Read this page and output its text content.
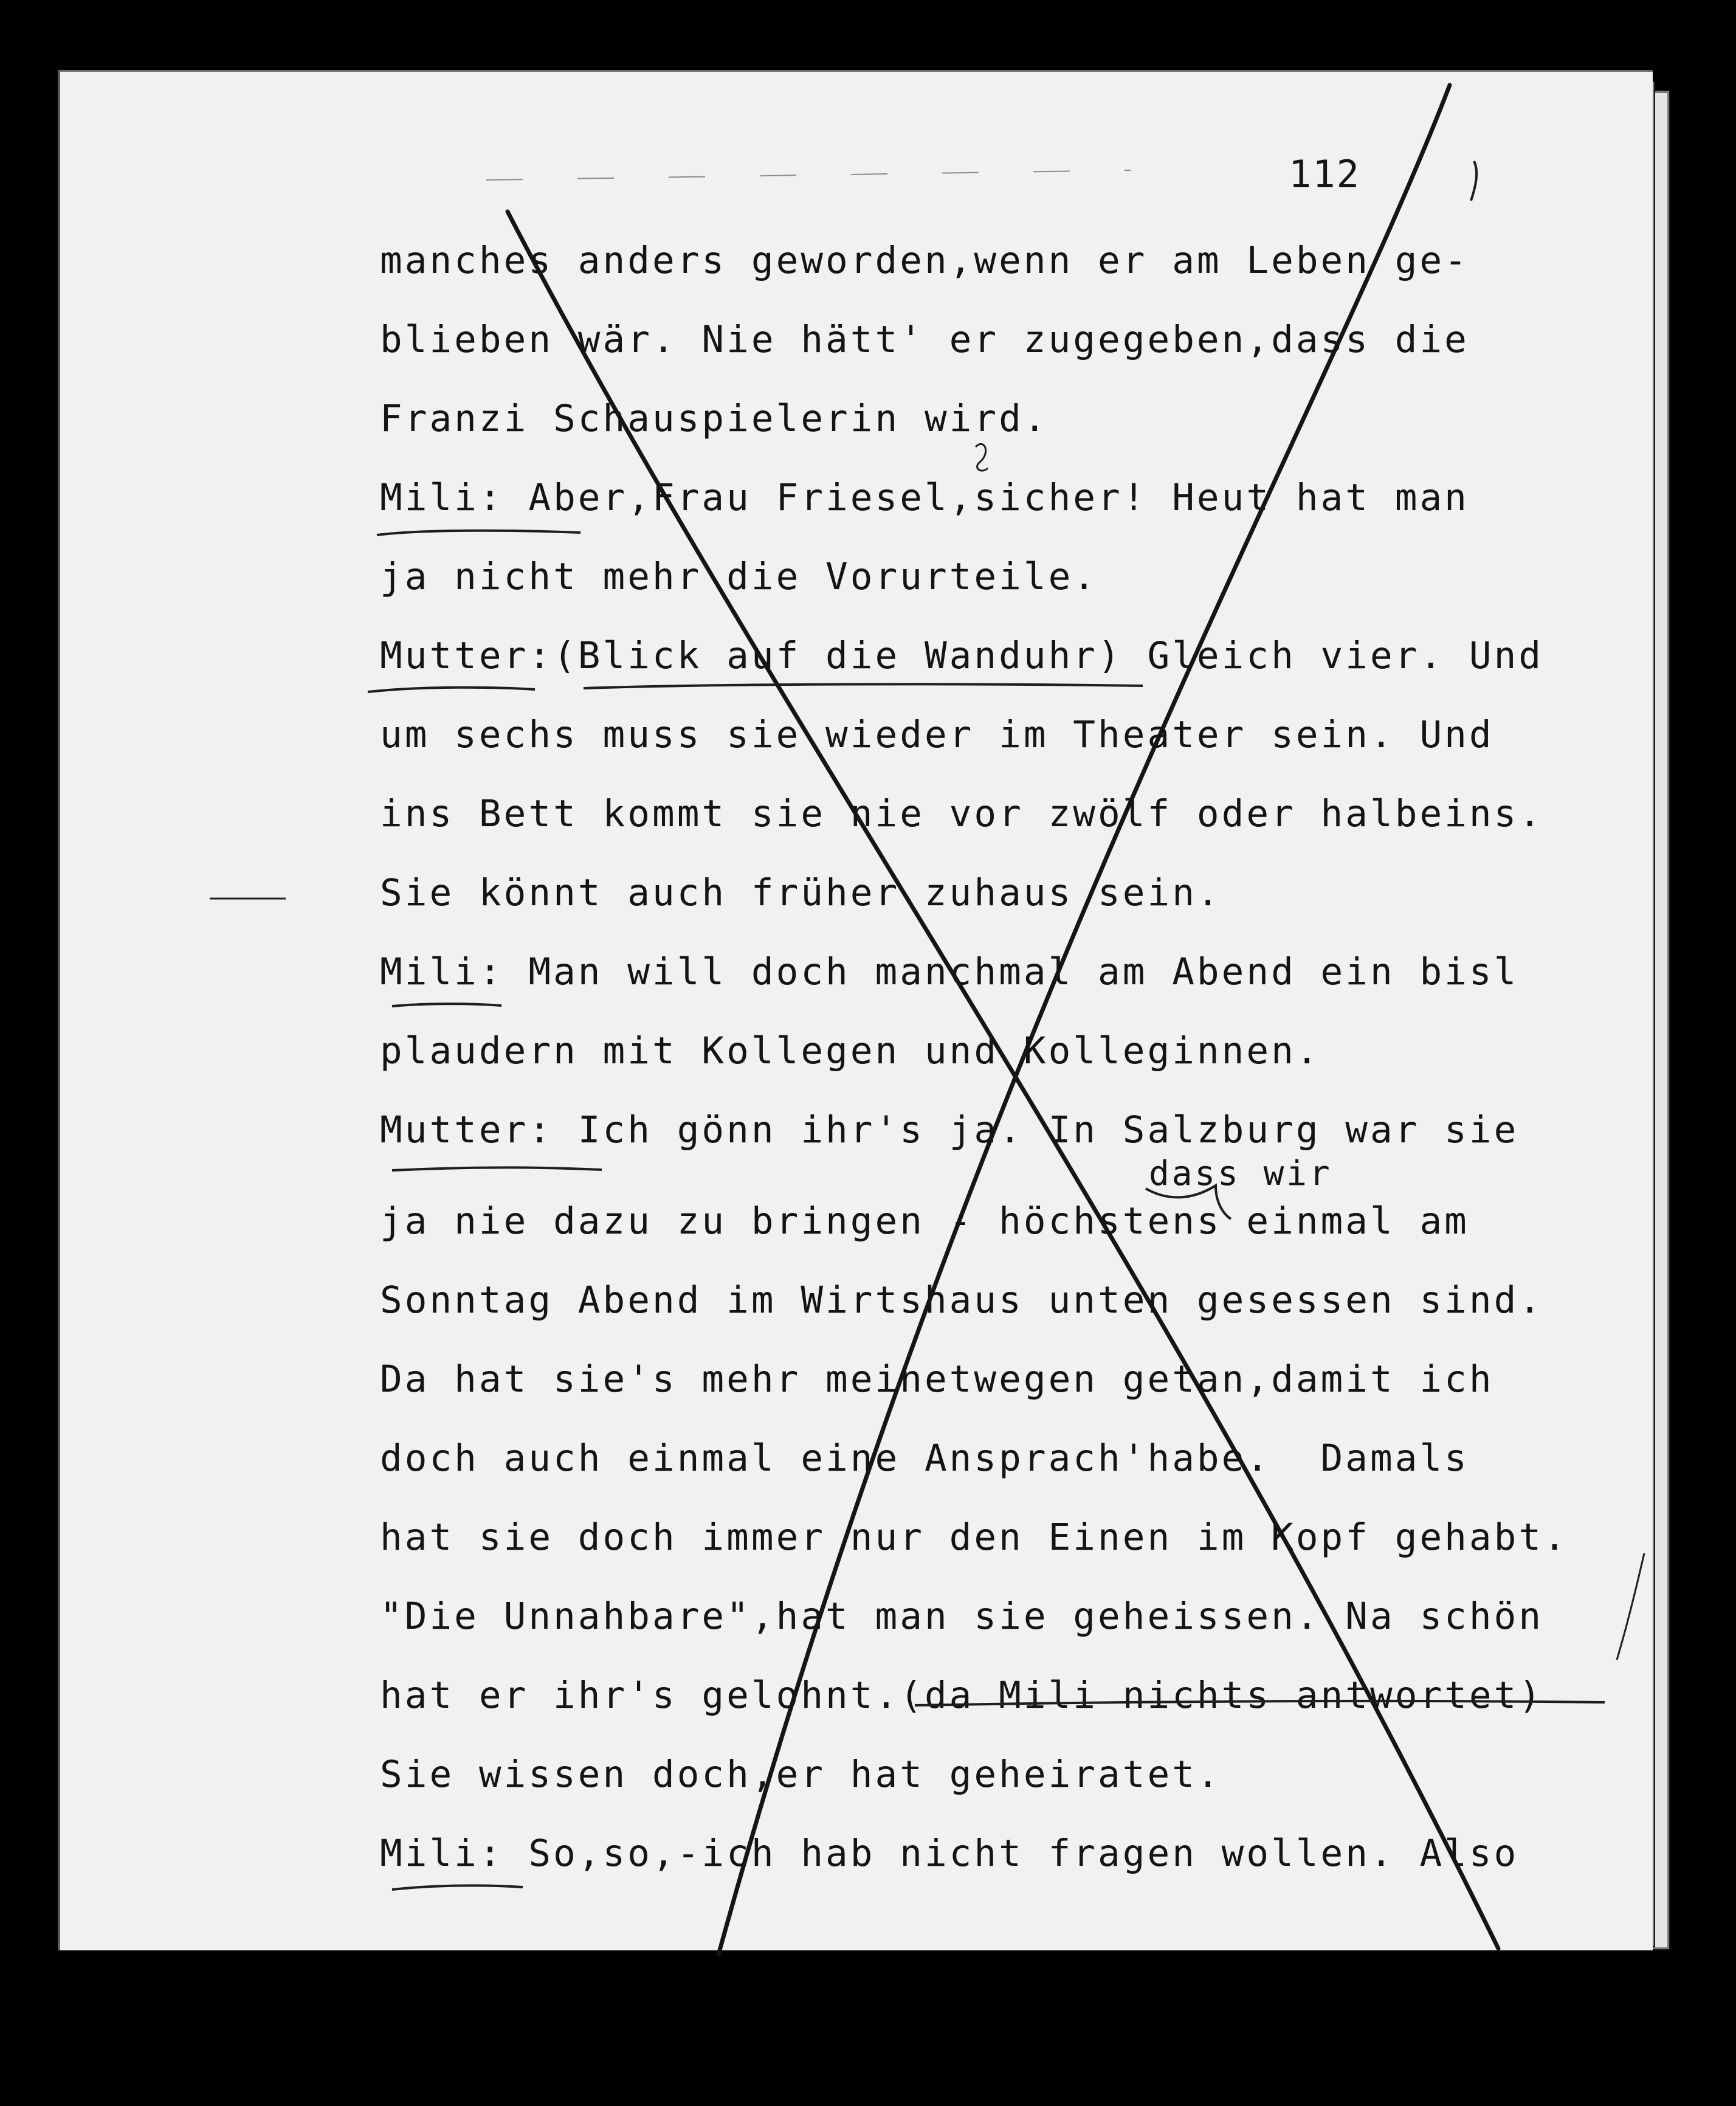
112
manches anders geworden,wenn er am Leben ge-
blieben wär. Nie hätt' er zugegeben,dass die
Franzi Schauspielerin wird.
Mili: Aber,Frau Friesel,sicher! Heut hat man
ja nicht mehr die Vorurteile.
Mutter:(Blick auf die Wanduhr) Gleich vier. Und
um sechs muss sie wieder im Theater sein. Und
ins Bett kommt sie nie vor zwölf oder halbeins.
Sie könnt auch früher zuhaus sein.
Mili: Man will doch manchmal am Abend ein bisl
plaudern mit Kollegen und Kolleginnen.
Mutter: Ich gönn ihr's ja. In Salzburg war sie
ja nie dazu zu bringen - höchstens einmal am
Sonntag Abend im Wirtshaus unten gesessen sind.
Da hat sie's mehr meinetwegen getan,damit ich
doch auch einmal eine Ansprach'habe.  Damals
hat sie doch immer nur den Einen im Kopf gehabt.
"Die Unnahbare",hat man sie geheissen. Na schön
hat er ihr's gelohnt.(da Mili nichts antwortet)
Sie wissen doch,er hat geheiratet.
Mili: So,so,-ich hab nicht fragen wollen. Also
dass wir
